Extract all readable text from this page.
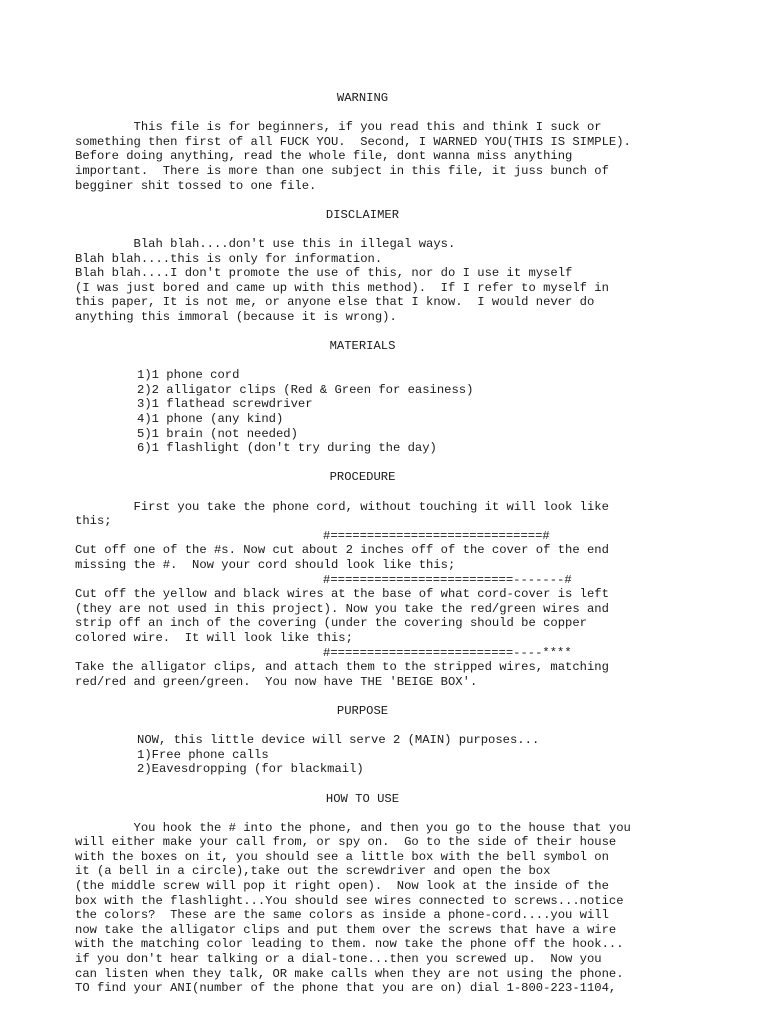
WARNING
This file is for beginners, if you read this and think I suck or
something then first of all FUCK YOU.  Second, I WARNED YOU(THIS IS SIMPLE).
Before doing anything, read the whole file, dont wanna miss anything
important.  There is more than one subject in this file, it juss bunch of
begginer shit tossed to one file.
DISCLAIMER
Blah blah....don't use this in illegal ways.
Blah blah....this is only for information.
Blah blah....I don't promote the use of this, nor do I use it myself
(I was just bored and came up with this method).  If I refer to myself in
this paper, It is not me, or anyone else that I know.  I would never do
anything this immoral (because it is wrong).
MATERIALS
1)1 phone cord
2)2 alligator clips (Red & Green for easiness)
3)1 flathead screwdriver
4)1 phone (any kind)
5)1 brain (not needed)
6)1 flashlight (don't try during the day)
PROCEDURE
First you take the phone cord, without touching it will look like
this;
#=============================#
Cut off one of the #s. Now cut about 2 inches off of the cover of the end
missing the #.  Now your cord should look like this;
#=========================-------#
Cut off the yellow and black wires at the base of what cord-cover is left
(they are not used in this project). Now you take the red/green wires and
strip off an inch of the covering (under the covering should be copper
colored wire.  It will look like this;
#=========================----****
Take the alligator clips, and attach them to the stripped wires, matching
red/red and green/green.  You now have THE 'BEIGE BOX'.
PURPOSE
NOW, this little device will serve 2 (MAIN) purposes...
1)Free phone calls
2)Eavesdropping (for blackmail)
HOW TO USE
You hook the # into the phone, and then you go to the house that you
will either make your call from, or spy on.  Go to the side of their house
with the boxes on it, you should see a little box with the bell symbol on
it (a bell in a circle),take out the screwdriver and open the box
(the middle screw will pop it right open).  Now look at the inside of the
box with the flashlight...You should see wires connected to screws...notice
the colors?  These are the same colors as inside a phone-cord....you will
now take the alligator clips and put them over the screws that have a wire
with the matching color leading to them. now take the phone off the hook...
if you don't hear talking or a dial-tone...then you screwed up.  Now you
can listen when they talk, OR make calls when they are not using the phone.
TO find your ANI(number of the phone that you are on) dial 1-800-223-1104,
